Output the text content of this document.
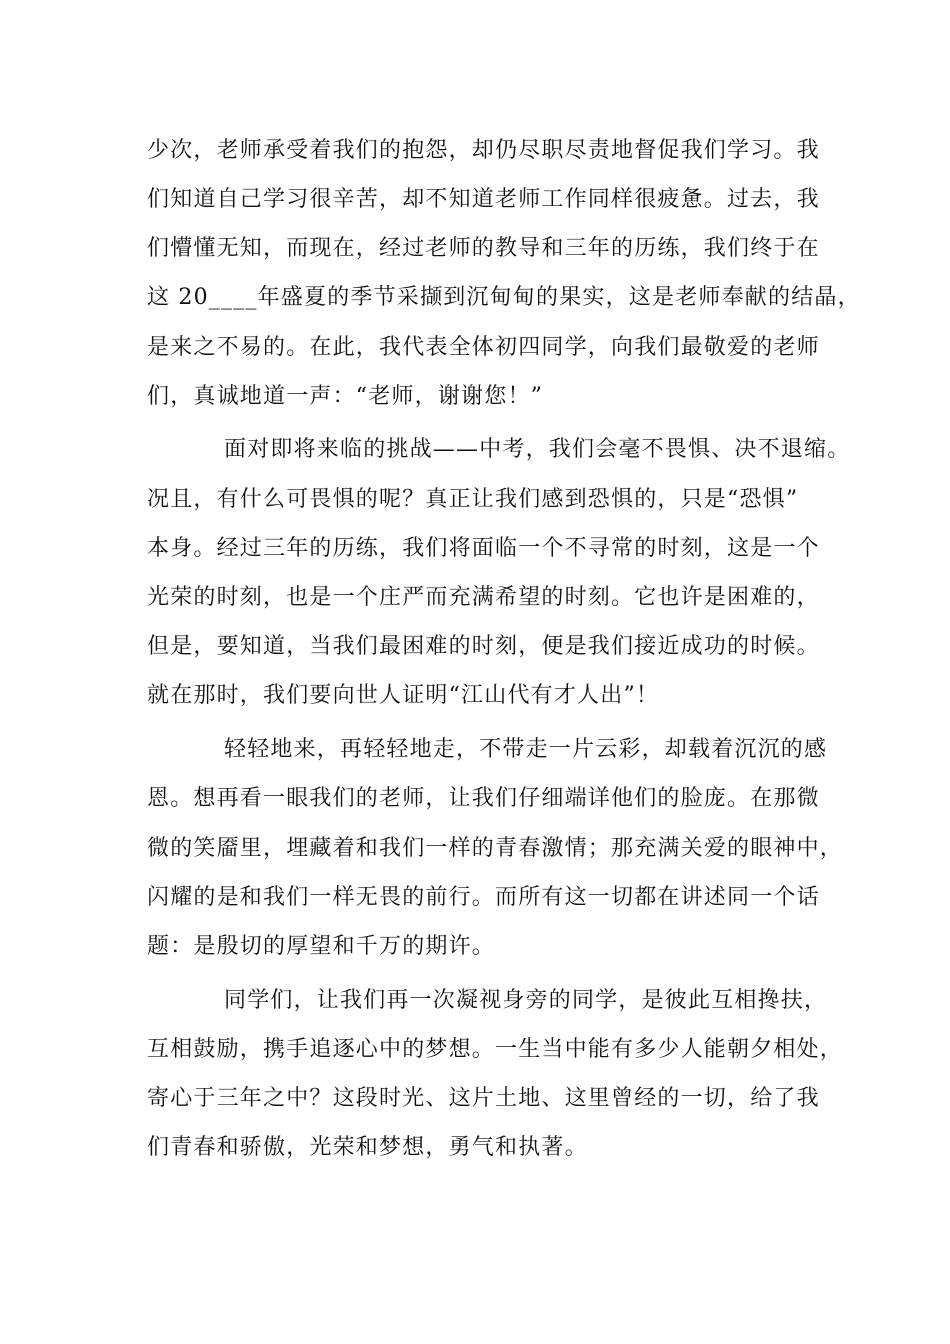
少次，老师承受着我们的抱怨，却仍尽职尽责地督促我们学习。我
们知道自己学习很辛苦，却不知道老师工作同样很疲惫。过去，我
们懵懂无知，而现在，经过老师的教导和三年的历练，我们终于在
这 20____年盛夏的季节采撷到沉甸甸的果实，这是老师奉献的结晶，
是来之不易的。在此，我代表全体初四同学，向我们最敬爱的老师
们，真诚地道一声：“老师，谢谢您！”
面对即将来临的挑战——中考，我们会毫不畏惧、决不退缩。
况且，有什么可畏惧的呢？真正让我们感到恐惧的，只是“恐惧”
本身。经过三年的历练，我们将面临一个不寻常的时刻，这是一个
光荣的时刻，也是一个庄严而充满希望的时刻。它也许是困难的，
但是，要知道，当我们最困难的时刻，便是我们接近成功的时候。
就在那时，我们要向世人证明“江山代有才人出”！
轻轻地来，再轻轻地走，不带走一片云彩，却载着沉沉的感
恩。想再看一眼我们的老师，让我们仔细端详他们的脸庞。在那微
微的笑靥里，埋藏着和我们一样的青春激情；那充满关爱的眼神中，
闪耀的是和我们一样无畏的前行。而所有这一切都在讲述同一个话
题：是殷切的厚望和千万的期许。
同学们，让我们再一次凝视身旁的同学，是彼此互相搀扶，
互相鼓励，携手追逐心中的梦想。一生当中能有多少人能朝夕相处，
寄心于三年之中？这段时光、这片土地、这里曾经的一切，给了我
们青春和骄傲，光荣和梦想，勇气和执著。
